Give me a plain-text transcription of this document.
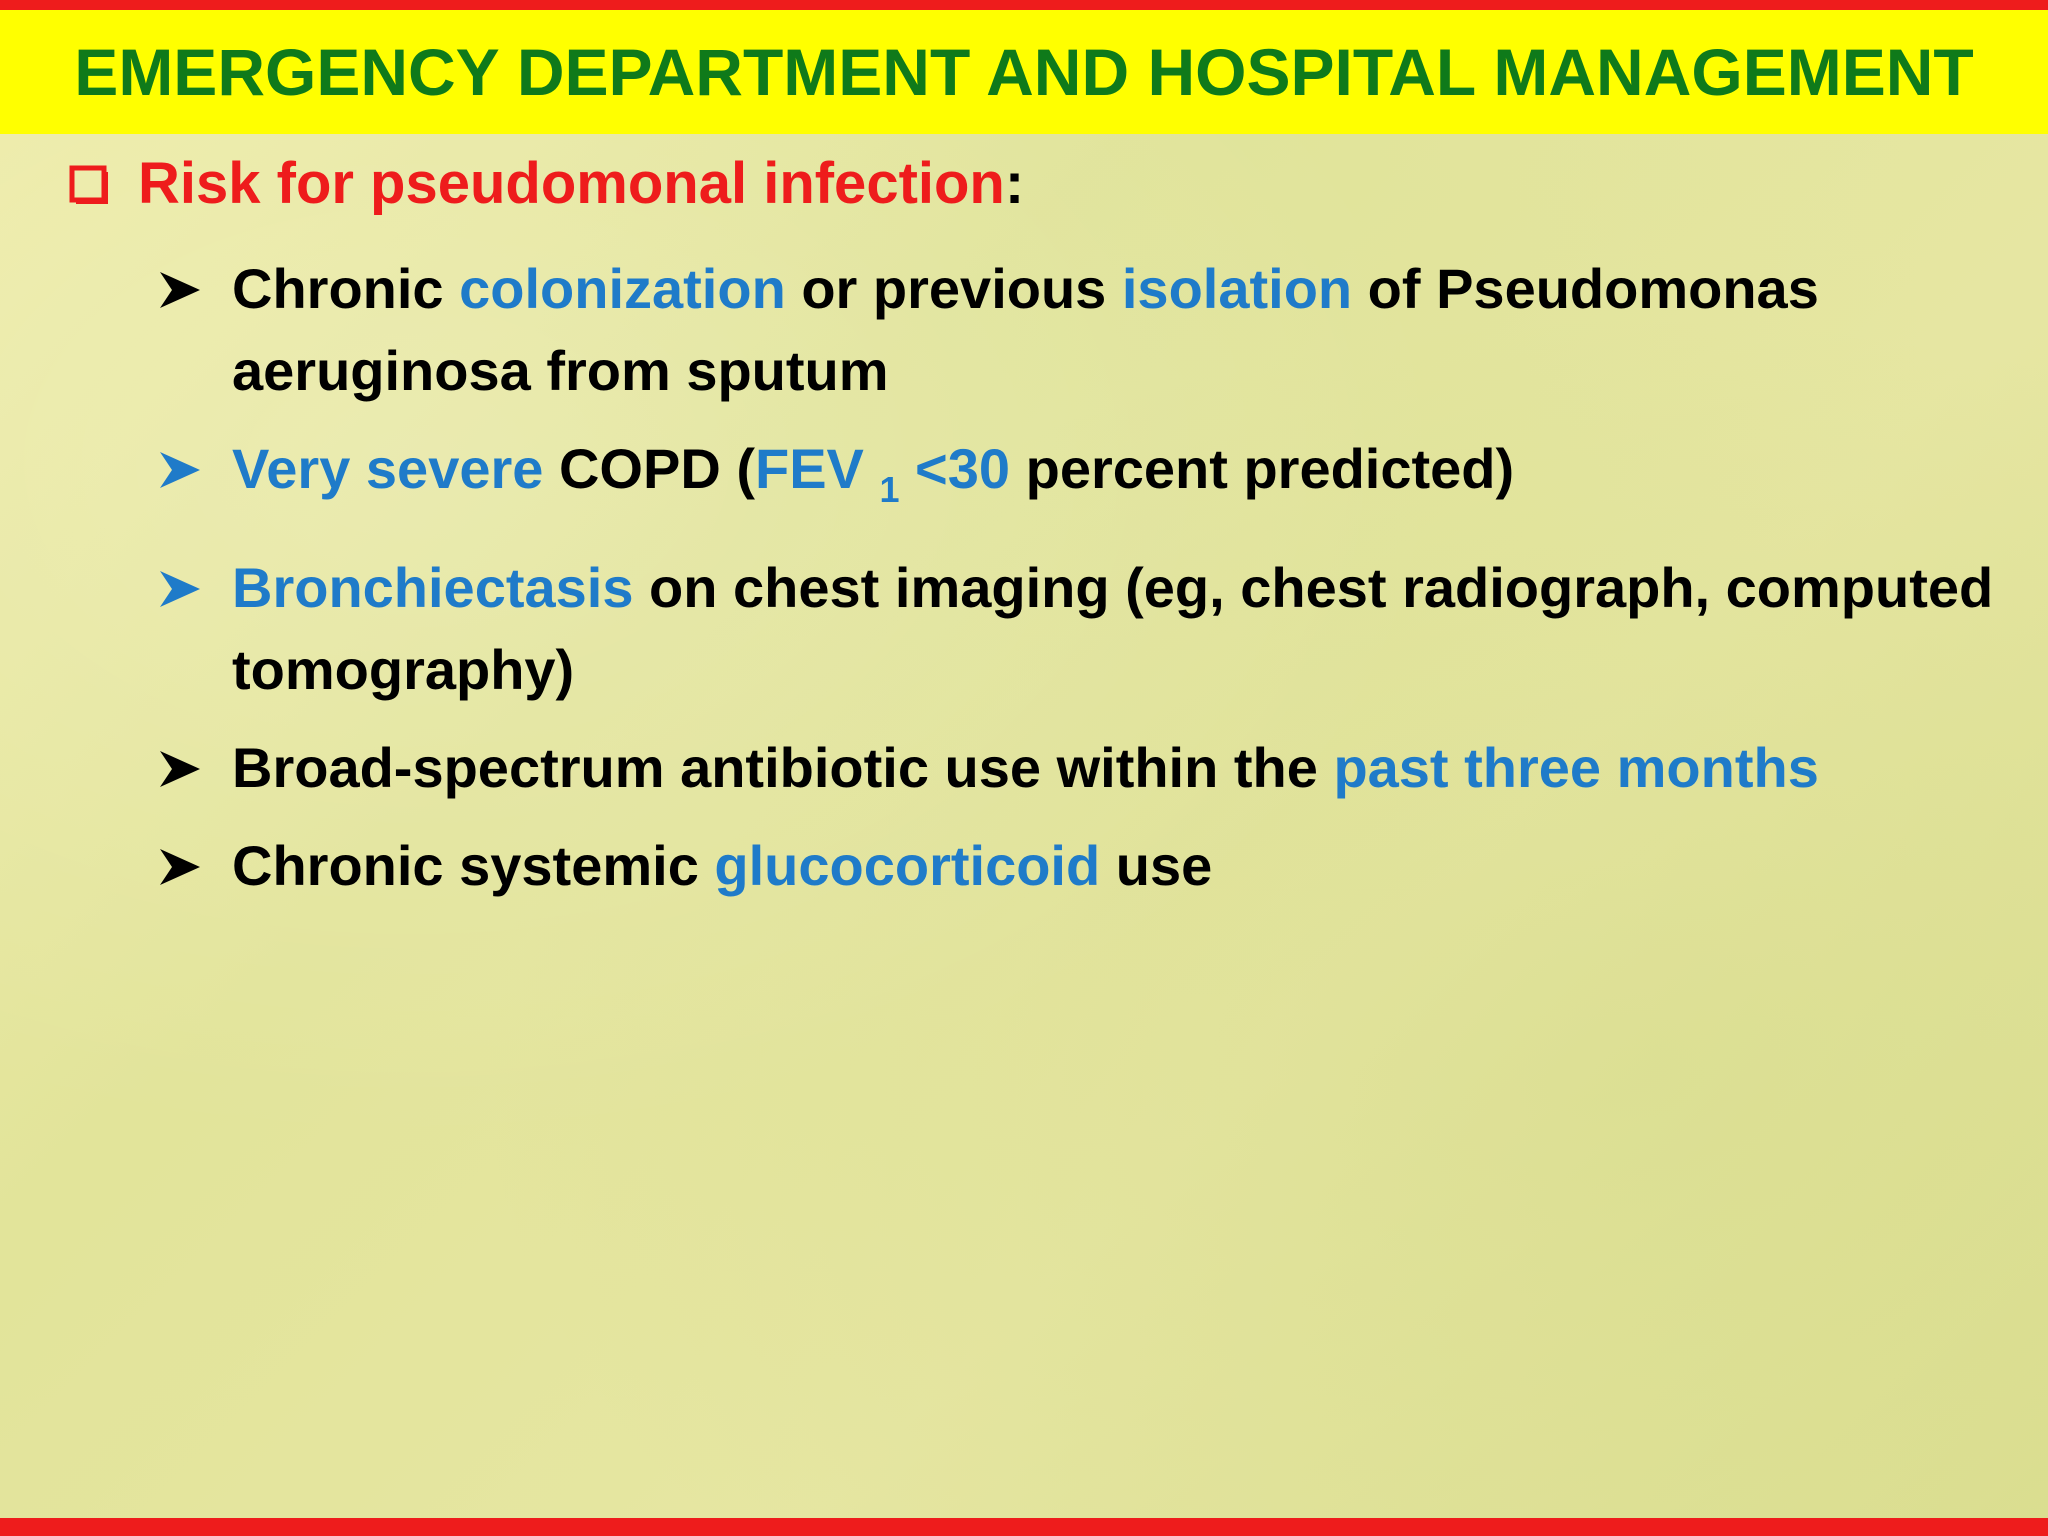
EMERGENCY DEPARTMENT AND HOSPITAL MANAGEMENT
Risk for pseudomonal infection :
Chronic colonization or previous isolation of Pseudomonas aeruginosa from sputum
Very severe COPD (FEV $_1$ <30 percent predicted)
Bronchiectasis on chest imaging (eg, chest radiograph, computed tomography)
Broad-spectrum antibiotic use within the past three months
Chronic systemic glucocorticoid use
